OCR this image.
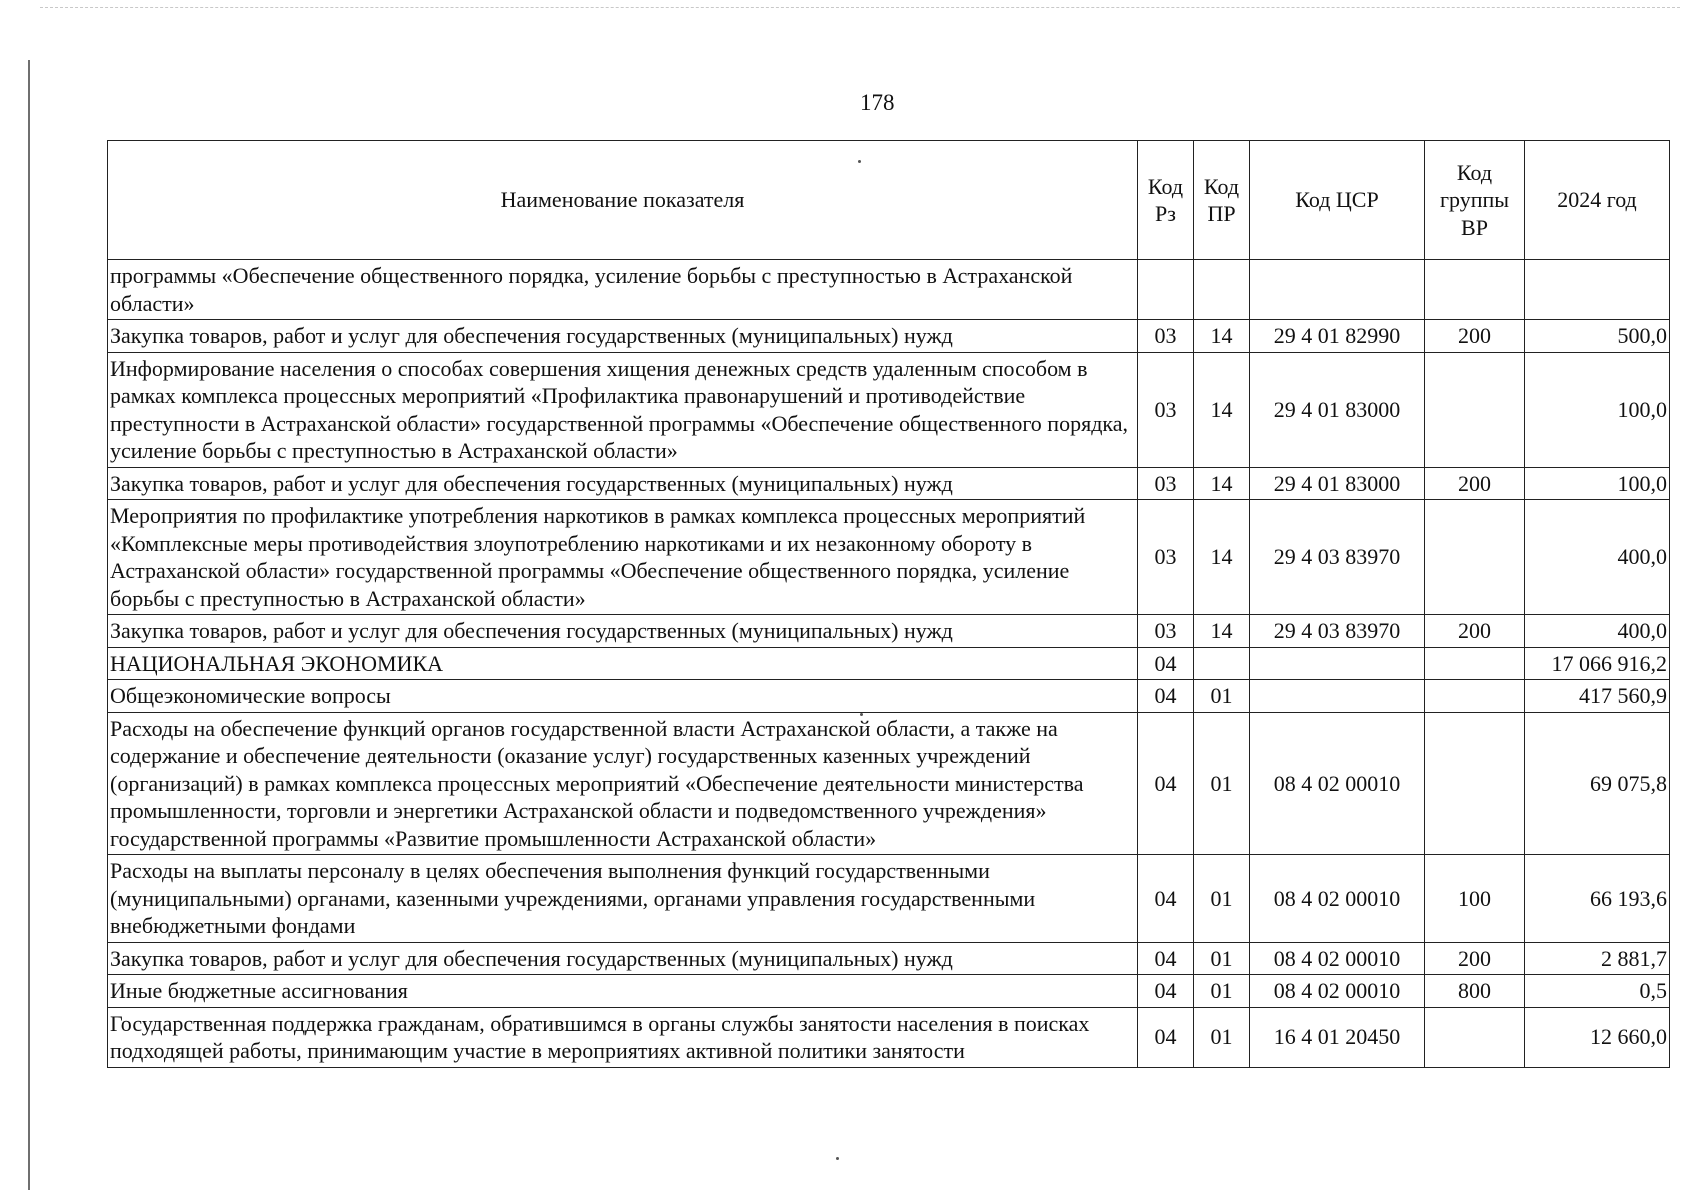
178
Наименование показателя	Код Рз	Код ПР	Код ЦСР	Код группы ВР	2024 год
программы «Обеспечение общественного порядка, усиление борьбы с преступностью в Астраханской области»					
Закупка товаров, работ и услуг для обеспечения государственных (муниципальных) нужд	03	14	29 4 01 82990	200	500,0
Информирование населения о способах совершения хищения денежных средств удаленным способом в рамках комплекса процессных мероприятий «Профилактика правонарушений и противодействие преступности в Астраханской области» государственной программы «Обеспечение общественного порядка, усиление борьбы с преступностью в Астраханской области»	03	14	29 4 01 83000		100,0
Закупка товаров, работ и услуг для обеспечения государственных (муниципальных) нужд	03	14	29 4 01 83000	200	100,0
Мероприятия по профилактике употребления наркотиков в рамках комплекса процессных мероприятий «Комплексные меры противодействия злоупотреблению наркотиками и их незаконному обороту в Астраханской области» государственной программы «Обеспечение общественного порядка, усиление борьбы с преступностью в Астраханской области»	03	14	29 4 03 83970		400,0
Закупка товаров, работ и услуг для обеспечения государственных (муниципальных) нужд	03	14	29 4 03 83970	200	400,0
НАЦИОНАЛЬНАЯ ЭКОНОМИКА	04				17 066 916,2
Общеэкономические вопросы	04	01			417 560,9
Расходы на обеспечение функций органов государственной власти Астраханской области, а также на содержание и обеспечение деятельности (оказание услуг) государственных казенных учреждений (организаций) в рамках комплекса процессных мероприятий «Обеспечение деятельности министерства промышленности, торговли и энергетики Астраханской области и подведомственного учреждения» государственной программы «Развитие промышленности Астраханской области»	04	01	08 4 02 00010		69 075,8
Расходы на выплаты персоналу в целях обеспечения выполнения функций государственными (муниципальными) органами, казенными учреждениями, органами управления государственными внебюджетными фондами	04	01	08 4 02 00010	100	66 193,6
Закупка товаров, работ и услуг для обеспечения государственных (муниципальных) нужд	04	01	08 4 02 00010	200	2 881,7
Иные бюджетные ассигнования	04	01	08 4 02 00010	800	0,5
Государственная поддержка гражданам, обратившимся в органы службы занятости населения в поисках подходящей работы, принимающим участие в мероприятиях активной политики занятости	04	01	16 4 01 20450		12 660,0
